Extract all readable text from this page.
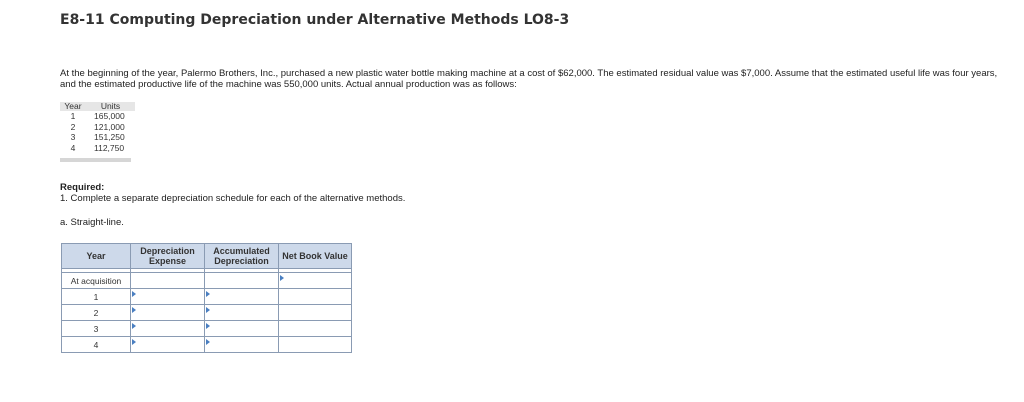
E8-11 Computing Depreciation under Alternative Methods LO8-3
At the beginning of the year, Palermo Brothers, Inc., purchased a new plastic water bottle making machine at a cost of $62,000. The estimated residual value was $7,000. Assume that the estimated useful life was four years, and the estimated productive life of the machine was 550,000 units. Actual annual production was as follows:
Year	Units
1	165,000
2	121,000
3	151,250
4	112,750
Required:
1. Complete a separate depreciation schedule for each of the alternative methods.
a. Straight-line.
Year	Depreciation Expense	Accumulated Depreciation	Net Book Value

At acquisition			

1	

2	

3	

4	
